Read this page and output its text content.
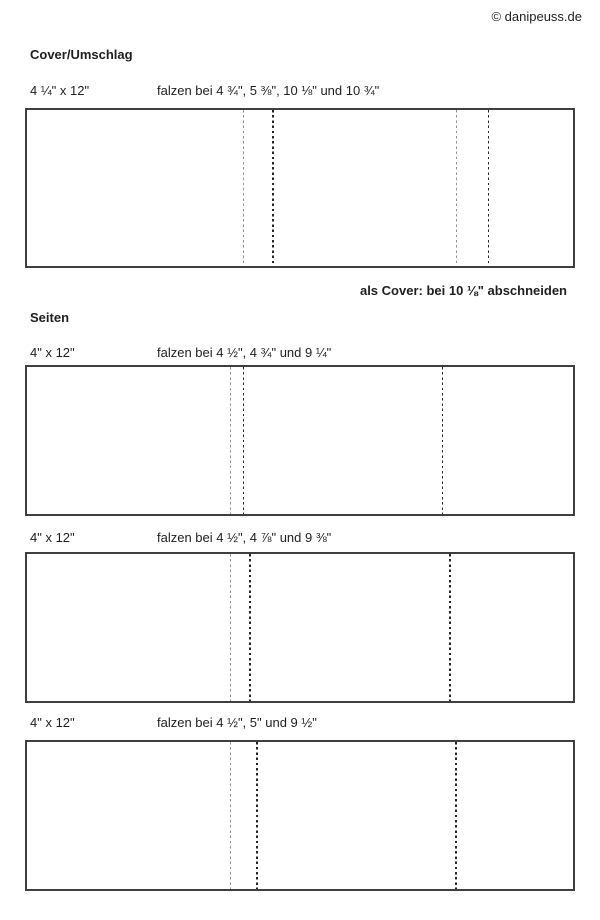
© danipeuss.de
Cover/Umschlag
4 ¼" x 12"	falzen bei 4 ¾", 5 ⅜", 10 ⅛" und 10 ¾"
als Cover: bei 10 ⅛" abschneiden
Seiten
4" x 12"	falzen bei 4 ½", 4 ¾" und 9 ¼"
4" x 12"	falzen bei 4 ½", 4 ⅞" und 9 ⅜"
4" x 12"	falzen bei 4 ½", 5" und 9 ½"
